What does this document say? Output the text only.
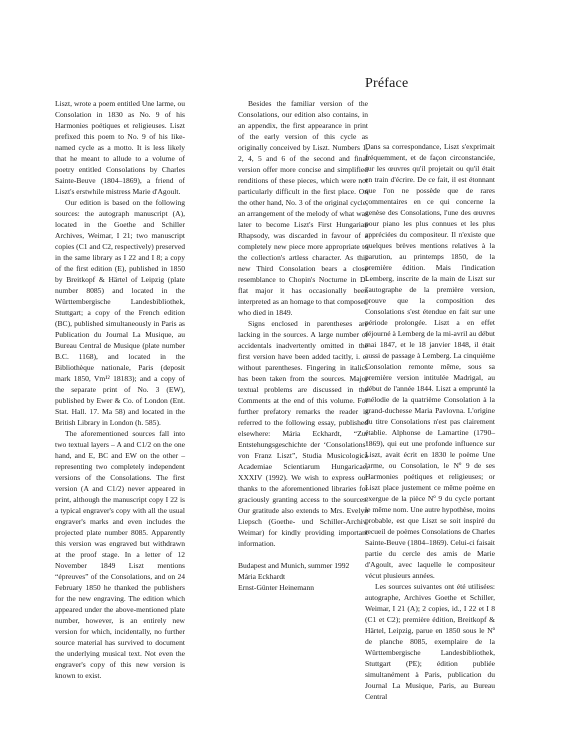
Liszt, wrote a poem entitled Une larme, ou Consolation in 1830 as No. 9 of his Harmonies poétiques et religieuses. Liszt prefixed this poem to No. 9 of his like-named cycle as a motto. It is less likely that he meant to allude to a volume of poetry entitled Consolations by Charles Sainte-Beuve (1804–1869), a friend of Liszt's erstwhile mistress Marie d'Agoult.

Our edition is based on the following sources: the autograph manuscript (A), located in the Goethe and Schiller Archives, Weimar, I 21; two manuscript copies (C1 and C2, respectively) preserved in the same library as I 22 and I 8; a copy of the first edition (E), published in 1850 by Breitkopf & Härtel of Leipzig (plate number 8085) and located in the Württembergische Landesbibliothek, Stuttgart; a copy of the French edition (BC), published simultaneously in Paris as Publication du Journal La Musique, au Bureau Central de Musique (plate number B.C. 1168), and located in the Bibliothèque nationale, Paris (deposit mark 1850, Vm¹² 18183); and a copy of the separate print of No. 3 (EW), published by Ewer & Co. of London (Ent. Stat. Hall. 17. Ma 58) and located in the British Library in London (h. 585).

The aforementioned sources fall into two textual layers – A and C1/2 on the one hand, and E, BC and EW on the other – representing two completely independent versions of the Consolations. The first version (A and C1/2) never appeared in print, although the manuscript copy I 22 is a typical engraver's copy with all the usual engraver's marks and even includes the projected plate number 8085. Apparently this version was engraved but withdrawn at the proof stage. In a letter of 12 November 1849 Liszt mentions “épreuves” of the Consolations, and on 24 February 1850 he thanked the publishers for the new engraving. The edition which appeared under the above-mentioned plate number, however, is an entirely new version for which, incidentally, no further source material has survived to document the underlying musical text. Not even the engraver's copy of this new version is known to exist.

Besides the familiar version of the Consolations, our edition also contains, in an appendix, the first appearance in print of the early version of this cycle as originally conceived by Liszt. Numbers 1, 2, 4, 5 and 6 of the second and final version offer more concise and simplified renditions of these pieces, which were not particularly difficult in the first place. On the other hand, No. 3 of the original cycle, an arrangement of the melody of what was later to become Liszt's First Hungarian Rhapsody, was discarded in favour of a completely new piece more appropriate to the collection's artless character. As this new Third Consolation bears a close resemblance to Chopin's Nocturne in D-flat major it has occasionally been interpreted as an homage to that composer, who died in 1849.

Signs enclosed in parentheses are lacking in the sources. A large number of accidentals inadvertently omitted in the first version have been added tacitly, i. e. without parentheses. Fingering in italics has been taken from the sources. Major textual problems are discussed in the Comments at the end of this volume. For further prefatory remarks the reader is referred to the following essay, published elsewhere: Mária Eckhardt, “Zur Entstehungsgeschichte der ‘Consolations’ von Franz Liszt”, Studia Musicologica Academiae Scientiarum Hungaricae, XXXIV (1992). We wish to express our thanks to the aforementioned libraries for graciously granting access to the sources. Our gratitude also extends to Mrs. Evelyn Liepsch (Goethe- und Schiller-Archiv, Weimar) for kindly providing important information.

Budapest and Munich, summer 1992

Mária Eckhardt

Ernst-Günter Heinemann

Préface

Dans sa correspondance, Liszt s'exprimait fréquemment, et de façon circonstanciée, sur les œuvres qu'il projetait ou qu'il était en train d'écrire. De ce fait, il est étonnant que l'on ne possède que de rares commentaires en ce qui concerne la genèse des Consolations, l'une des œuvres pour piano les plus connues et les plus appréciées du compositeur. Il n'existe que quelques brèves mentions relatives à la parution, au printemps 1850, de la première édition. Mais l'indication Lemberg, inscrite de la main de Liszt sur l'autographe de la première version, prouve que la composition des Consolations s'est étendue en fait sur une période prolongée. Liszt a en effet séjourné à Lemberg de la mi-avril au début mai 1847, et le 18 janvier 1848, il était aussi de passage à Lemberg. La cinquième Consolation remonte même, sous sa première version intitulée Madrigal, au début de l'année 1844. Liszt a emprunté la mélodie de la quatrième Consolation à la grand-duchesse Maria Pavlovna. L'origine du titre Consolations n'est pas clairement établie. Alphonse de Lamartine (1790–1869), qui eut une profonde influence sur Liszt, avait écrit en 1830 le poème Une larme, ou Consolation, le Nº 9 de ses Harmonies poétiques et religieuses; or Liszt place justement ce même poème en exergue de la pièce Nº 9 du cycle portant le même nom. Une autre hypothèse, moins probable, est que Liszt se soit inspiré du recueil de poèmes Consolations de Charles Sainte-Beuve (1804–1869). Celui-ci faisait partie du cercle des amis de Marie d'Agoult, avec laquelle le compositeur vécut plusieurs années.

Les sources suivantes ont été utilisées: autographe, Archives Goethe et Schiller, Weimar, I 21 (A); 2 copies, id., I 22 et I 8 (C1 et C2); première édition, Breitkopf & Härtel, Leipzig, parue en 1850 sous le Nº de planche 8085, exemplaire de la Württembergische Landesbibliothek, Stuttgart (PE); édition publiée simultanément à Paris, publication du Journal La Musique, Paris, au Bureau Central
